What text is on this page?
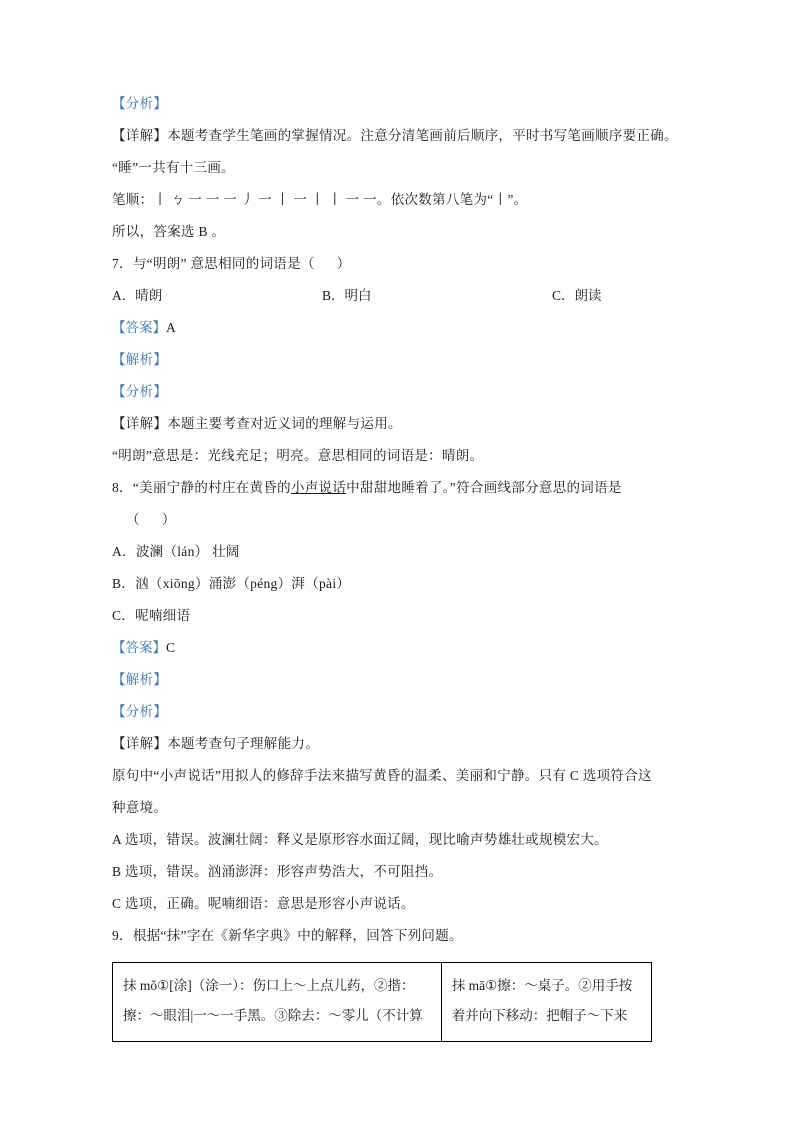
【分析】
【详解】本题考查学生笔画的掌握情况。注意分清笔画前后顺序，平时书写笔画顺序要正确。
“睡”一共有十三画。
笔顺：丨 ㄅ 一 一 一 丿 一 丨 一 丨 丨 一 一。依次数第八笔为“丨”。
所以，答案选 B 。
7．与“明朗” 意思相同的词语是（      ）
A．晴朗	B．明白	C．朗读
【答案】A
【解析】
【分析】
【详解】本题主要考查对近义词的理解与运用。
“明朗”意思是：光线充足；明亮。意思相同的词语是：晴朗。
8．“美丽宁静的村庄在黄昏的小声说话中甜甜地睡着了。”符合画线部分意思的词语是
（      ）
A．波澜（lán） 壮阔
B．汹（xiōng）涌澎（péng）湃（pài）
C．呢喃细语
【答案】C
【解析】
【分析】
【详解】本题考查句子理解能力。
原句中“小声说话”用拟人的修辞手法来描写黄昏的温柔、美丽和宁静。只有 C 选项符合这
种意境。
A 选项，错误。波澜壮阔：释义是原形容水面辽阔，现比喻声势雄壮或规模宏大。
B 选项，错误。汹涌澎湃：形容声势浩大，不可阻挡。
C 选项，正确。呢喃细语：意思是形容小声说话。
9．根据“抹”字在《新华字典》中的解释，回答下列问题。
抹 mǒ①[涂]（涂一）：伤口上～上点儿药，②揩：
擦：～眼泪|一～一手黑。③除去：～零儿（不计算
抹 mā①擦：～桌子。②用手按
着并向下移动：把帽子～下来
